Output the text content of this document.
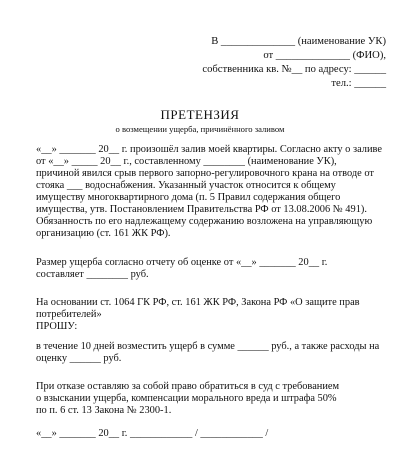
В ______________ (наименование УК)

от ______________ (ФИО),

собственника кв. №__ по адресу: ______

тел.: ______

ПРЕТЕНЗИЯ

о возмещении ущерба, причинённого заливом

«__» _______ 20__ г. произошёл залив моей квартиры. Согласно акту о заливе

от «__» _____ 20__ г., составленному ________ (наименование УК),

причиной явился срыв первого запорно-регулировочного крана на отводе от

стояка ___ водоснабжения. Указанный участок относится к общему

имуществу многоквартирного дома (п. 5 Правил содержания общего

имущества, утв. Постановлением Правительства РФ от 13.08.2006 № 491).

Обязанность по его надлежащему содержанию возложена на управляющую

организацию (ст. 161 ЖК РФ).

Размер ущерба согласно отчету об оценке от «__» _______ 20__ г.

составляет ________ руб.

На основании ст. 1064 ГК РФ, ст. 161 ЖК РФ, Закона РФ «О защите прав

потребителей»

ПРОШУ:

в течение 10 дней возместить ущерб в сумме ______ руб., а также расходы на

оценку ______ руб.

При отказе оставляю за собой право обратиться в суд с требованием

о взыскании ущерба, компенсации морального вреда и штрафа 50%

по п. 6 ст. 13 Закона № 2300-1.

«__» _______ 20__ г. ____________ / ____________ /
